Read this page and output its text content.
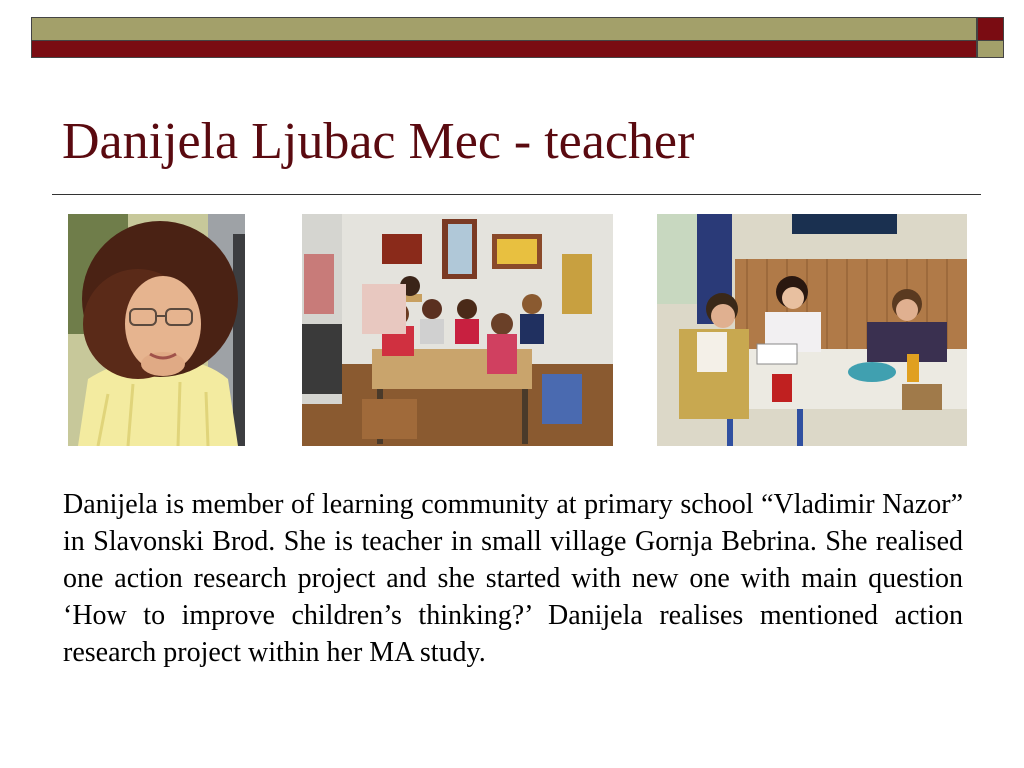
Danijela Ljubac Mec - teacher

Danijela is member of learning community at primary school “Vladimir Nazor” in Slavonski Brod. She is teacher in small village Gornja Bebrina. She realised one action research project and she started with new one with main question ‘How to improve children’s thinking?’ Danijela realises mentioned action research project within her MA study.
